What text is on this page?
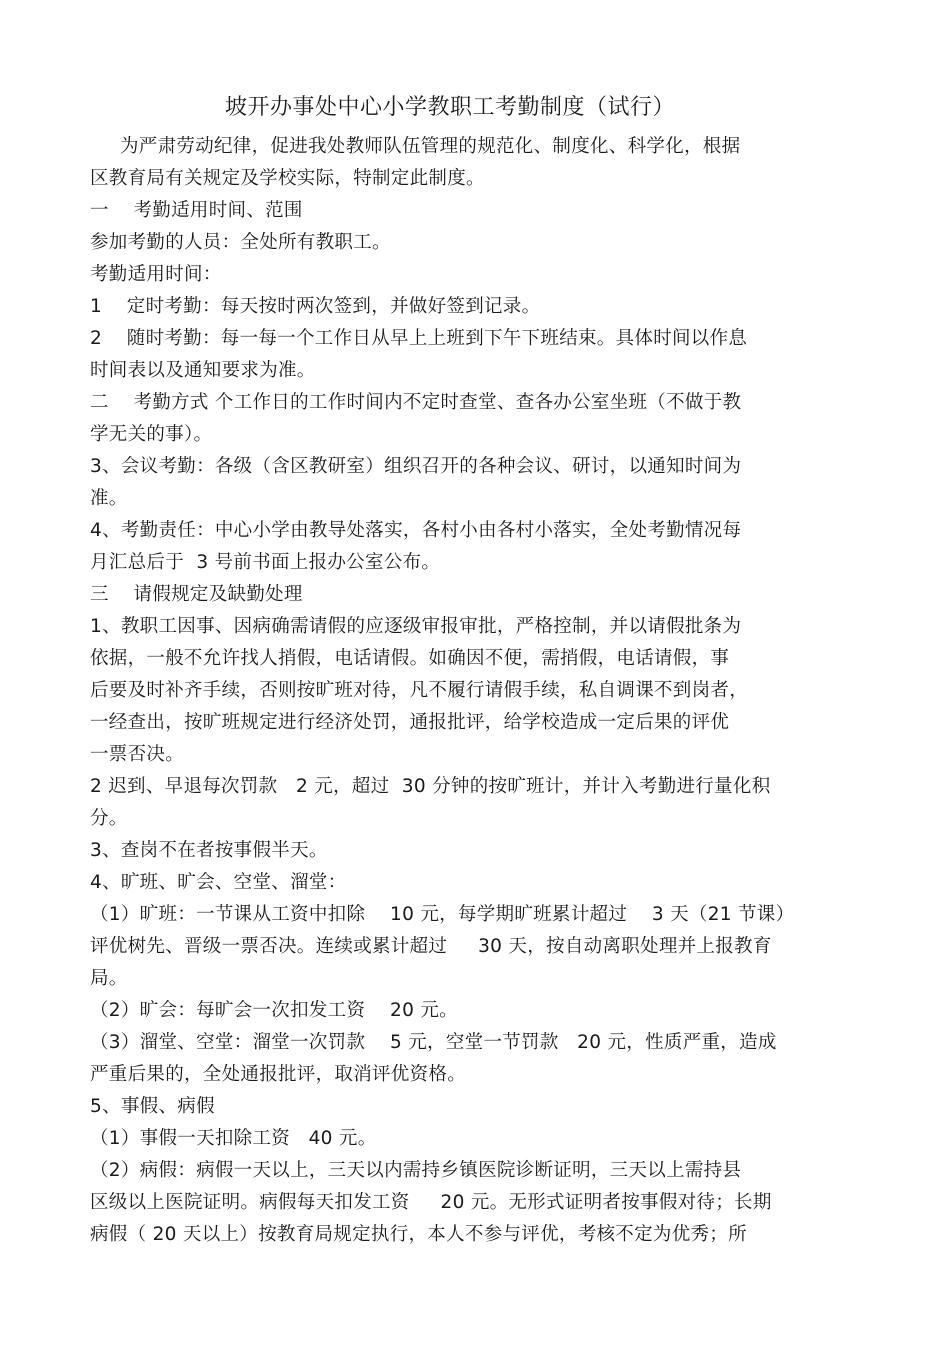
坡开办事处中心小学教职工考勤制度（试行）
为严肃劳动纪律，促进我处教师队伍管理的规范化、制度化、科学化，根据
区教育局有关规定及学校实际，特制定此制度。
一    考勤适用时间、范围
参加考勤的人员：全处所有教职工。
考勤适用时间：
1    定时考勤：每天按时两次签到，并做好签到记录。
2    随时考勤：每一每一个工作日从早上上班到下午下班结束。具体时间以作息
时间表以及通知要求为准。
二    考勤方式 个工作日的工作时间内不定时查堂、查各办公室坐班（不做于教
学无关的事）。
3、会议考勤：各级（含区教研室）组织召开的各种会议、研讨，以通知时间为
准。
4、考勤责任：中心小学由教导处落实，各村小由各村小落实，全处考勤情况每
月汇总后于  3 号前书面上报办公室公布。
三    请假规定及缺勤处理
1、教职工因事、因病确需请假的应逐级审报审批，严格控制，并以请假批条为
依据，一般不允许找人捎假，电话请假。如确因不便，需捎假，电话请假，事
后要及时补齐手续，否则按旷班对待，凡不履行请假手续，私自调课不到岗者，
一经查出，按旷班规定进行经济处罚，通报批评，给学校造成一定后果的评优
一票否决。
2 迟到、早退每次罚款   2 元，超过  30 分钟的按旷班计，并计入考勤进行量化积
分。
3、查岗不在者按事假半天。
4、旷班、旷会、空堂、溜堂：
（1）旷班：一节课从工资中扣除    10 元，每学期旷班累计超过    3 天（21 节课）
评优树先、晋级一票否决。连续或累计超过     30 天，按自动离职处理并上报教育
局。
（2）旷会：每旷会一次扣发工资    20 元。
（3）溜堂、空堂：溜堂一次罚款    5 元，空堂一节罚款   20 元，性质严重，造成
严重后果的，全处通报批评，取消评优资格。
5、事假、病假
（1）事假一天扣除工资   40 元。
（2）病假：病假一天以上，三天以内需持乡镇医院诊断证明，三天以上需持县
区级以上医院证明。病假每天扣发工资     20 元。无形式证明者按事假对待；长期
病假（ 20 天以上）按教育局规定执行，本人不参与评优，考核不定为优秀；所
